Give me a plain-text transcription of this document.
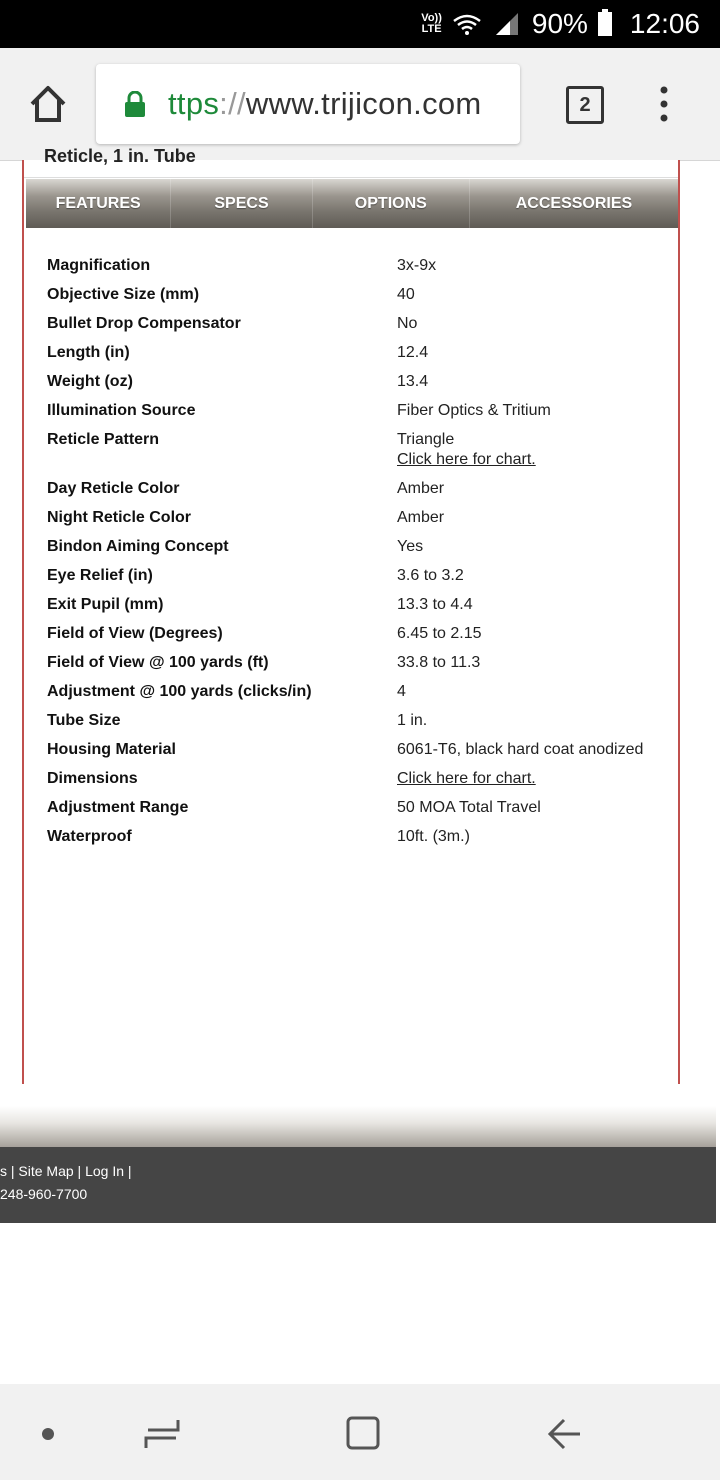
Vo))
LTE	90% 12:06
ttps://www.trijicon.com	2
Reticle, 1 in. Tube
FEATURES	SPECS	OPTIONS	ACCESSORIES
Magnification	3x-9x
Objective Size (mm)	40
Bullet Drop Compensator	No
Length (in)	12.4
Weight (oz)	13.4
Illumination Source	Fiber Optics & Tritium
Reticle Pattern	Triangle
Click here for chart.
Day Reticle Color	Amber
Night Reticle Color	Amber
Bindon Aiming Concept	Yes
Eye Relief (in)	3.6 to 3.2
Exit Pupil (mm)	13.3 to 4.4
Field of View (Degrees)	6.45 to 2.15
Field of View @ 100 yards (ft)	33.8 to 11.3
Adjustment @ 100 yards (clicks/in)	4
Tube Size	1 in.
Housing Material	6061-T6, black hard coat anodized
Dimensions	Click here for chart.
Adjustment Range	50 MOA Total Travel
Waterproof	10ft. (3m.)
s | Site Map | Log In |
248-960-7700
